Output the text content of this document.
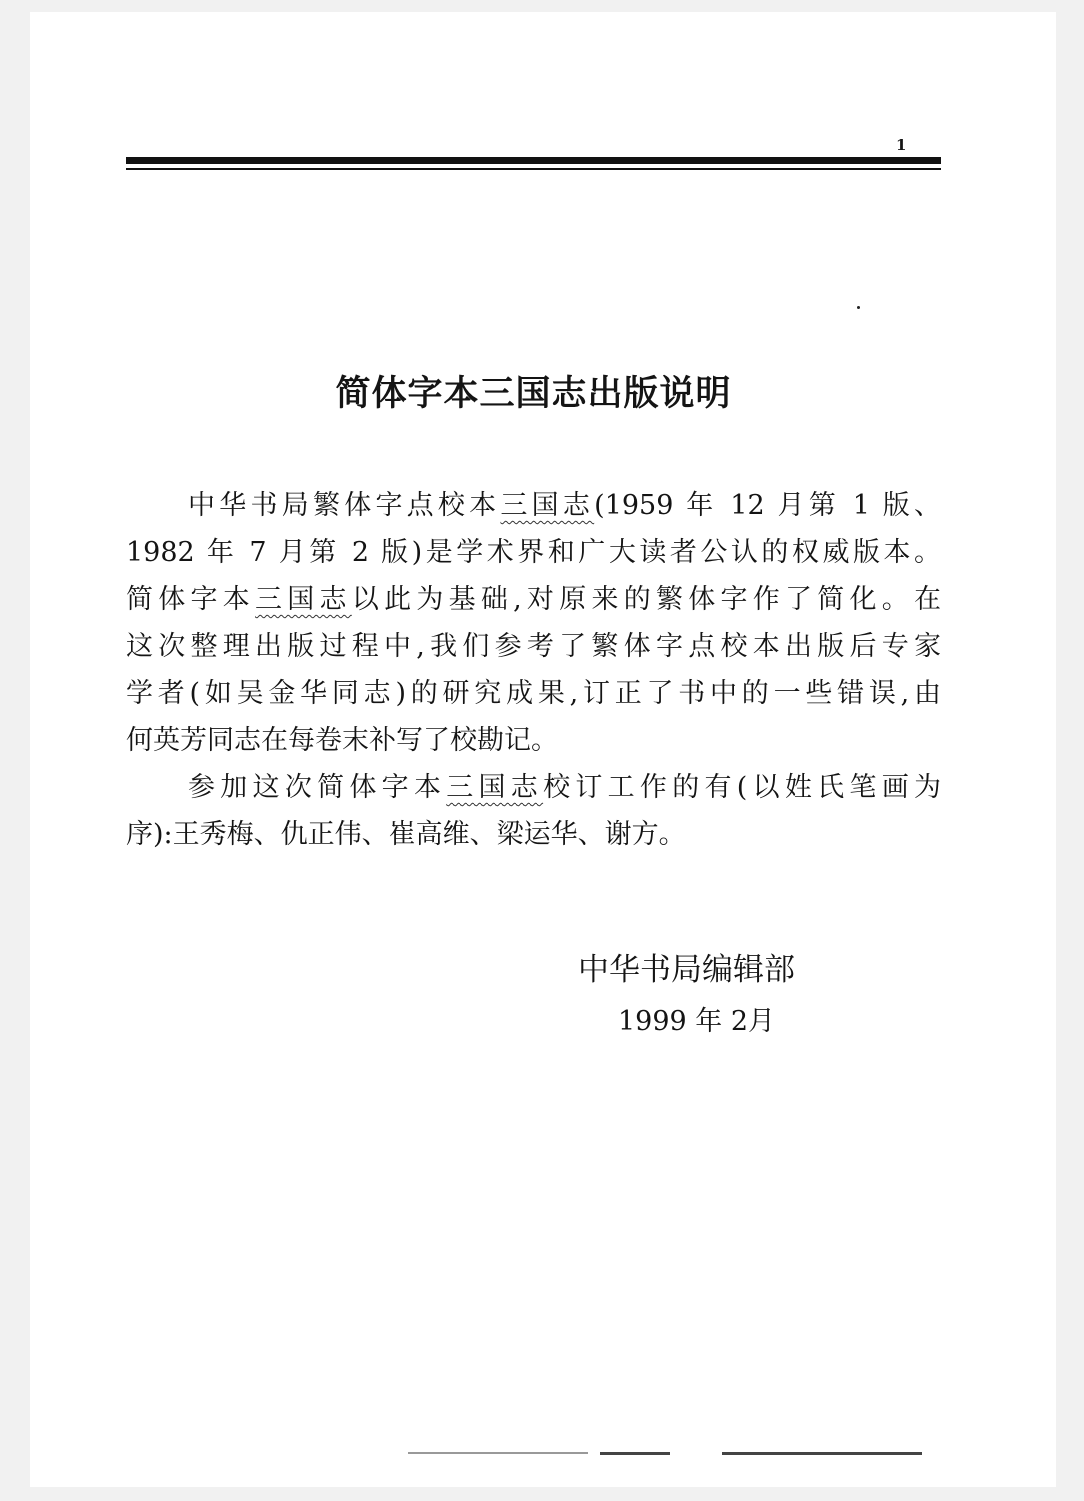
1
简体字本三国志出版说明
中华书局繁体字点校本三国志(1959 年 12 月第 1 版、
1982 年 7 月第 2 版)是学术界和广大读者公认的权威版本。
简体字本三国志以此为基础,对原来的繁体字作了简化。在
这次整理出版过程中,我们参考了繁体字点校本出版后专家
学者(如吴金华同志)的研究成果,订正了书中的一些错误,由
何英芳同志在每卷末补写了校勘记。
参加这次简体字本三国志校订工作的有(以姓氏笔画为
序):王秀梅、仇正伟、崔高维、梁运华、谢方。

中华书局编辑部

1999 年 2月
